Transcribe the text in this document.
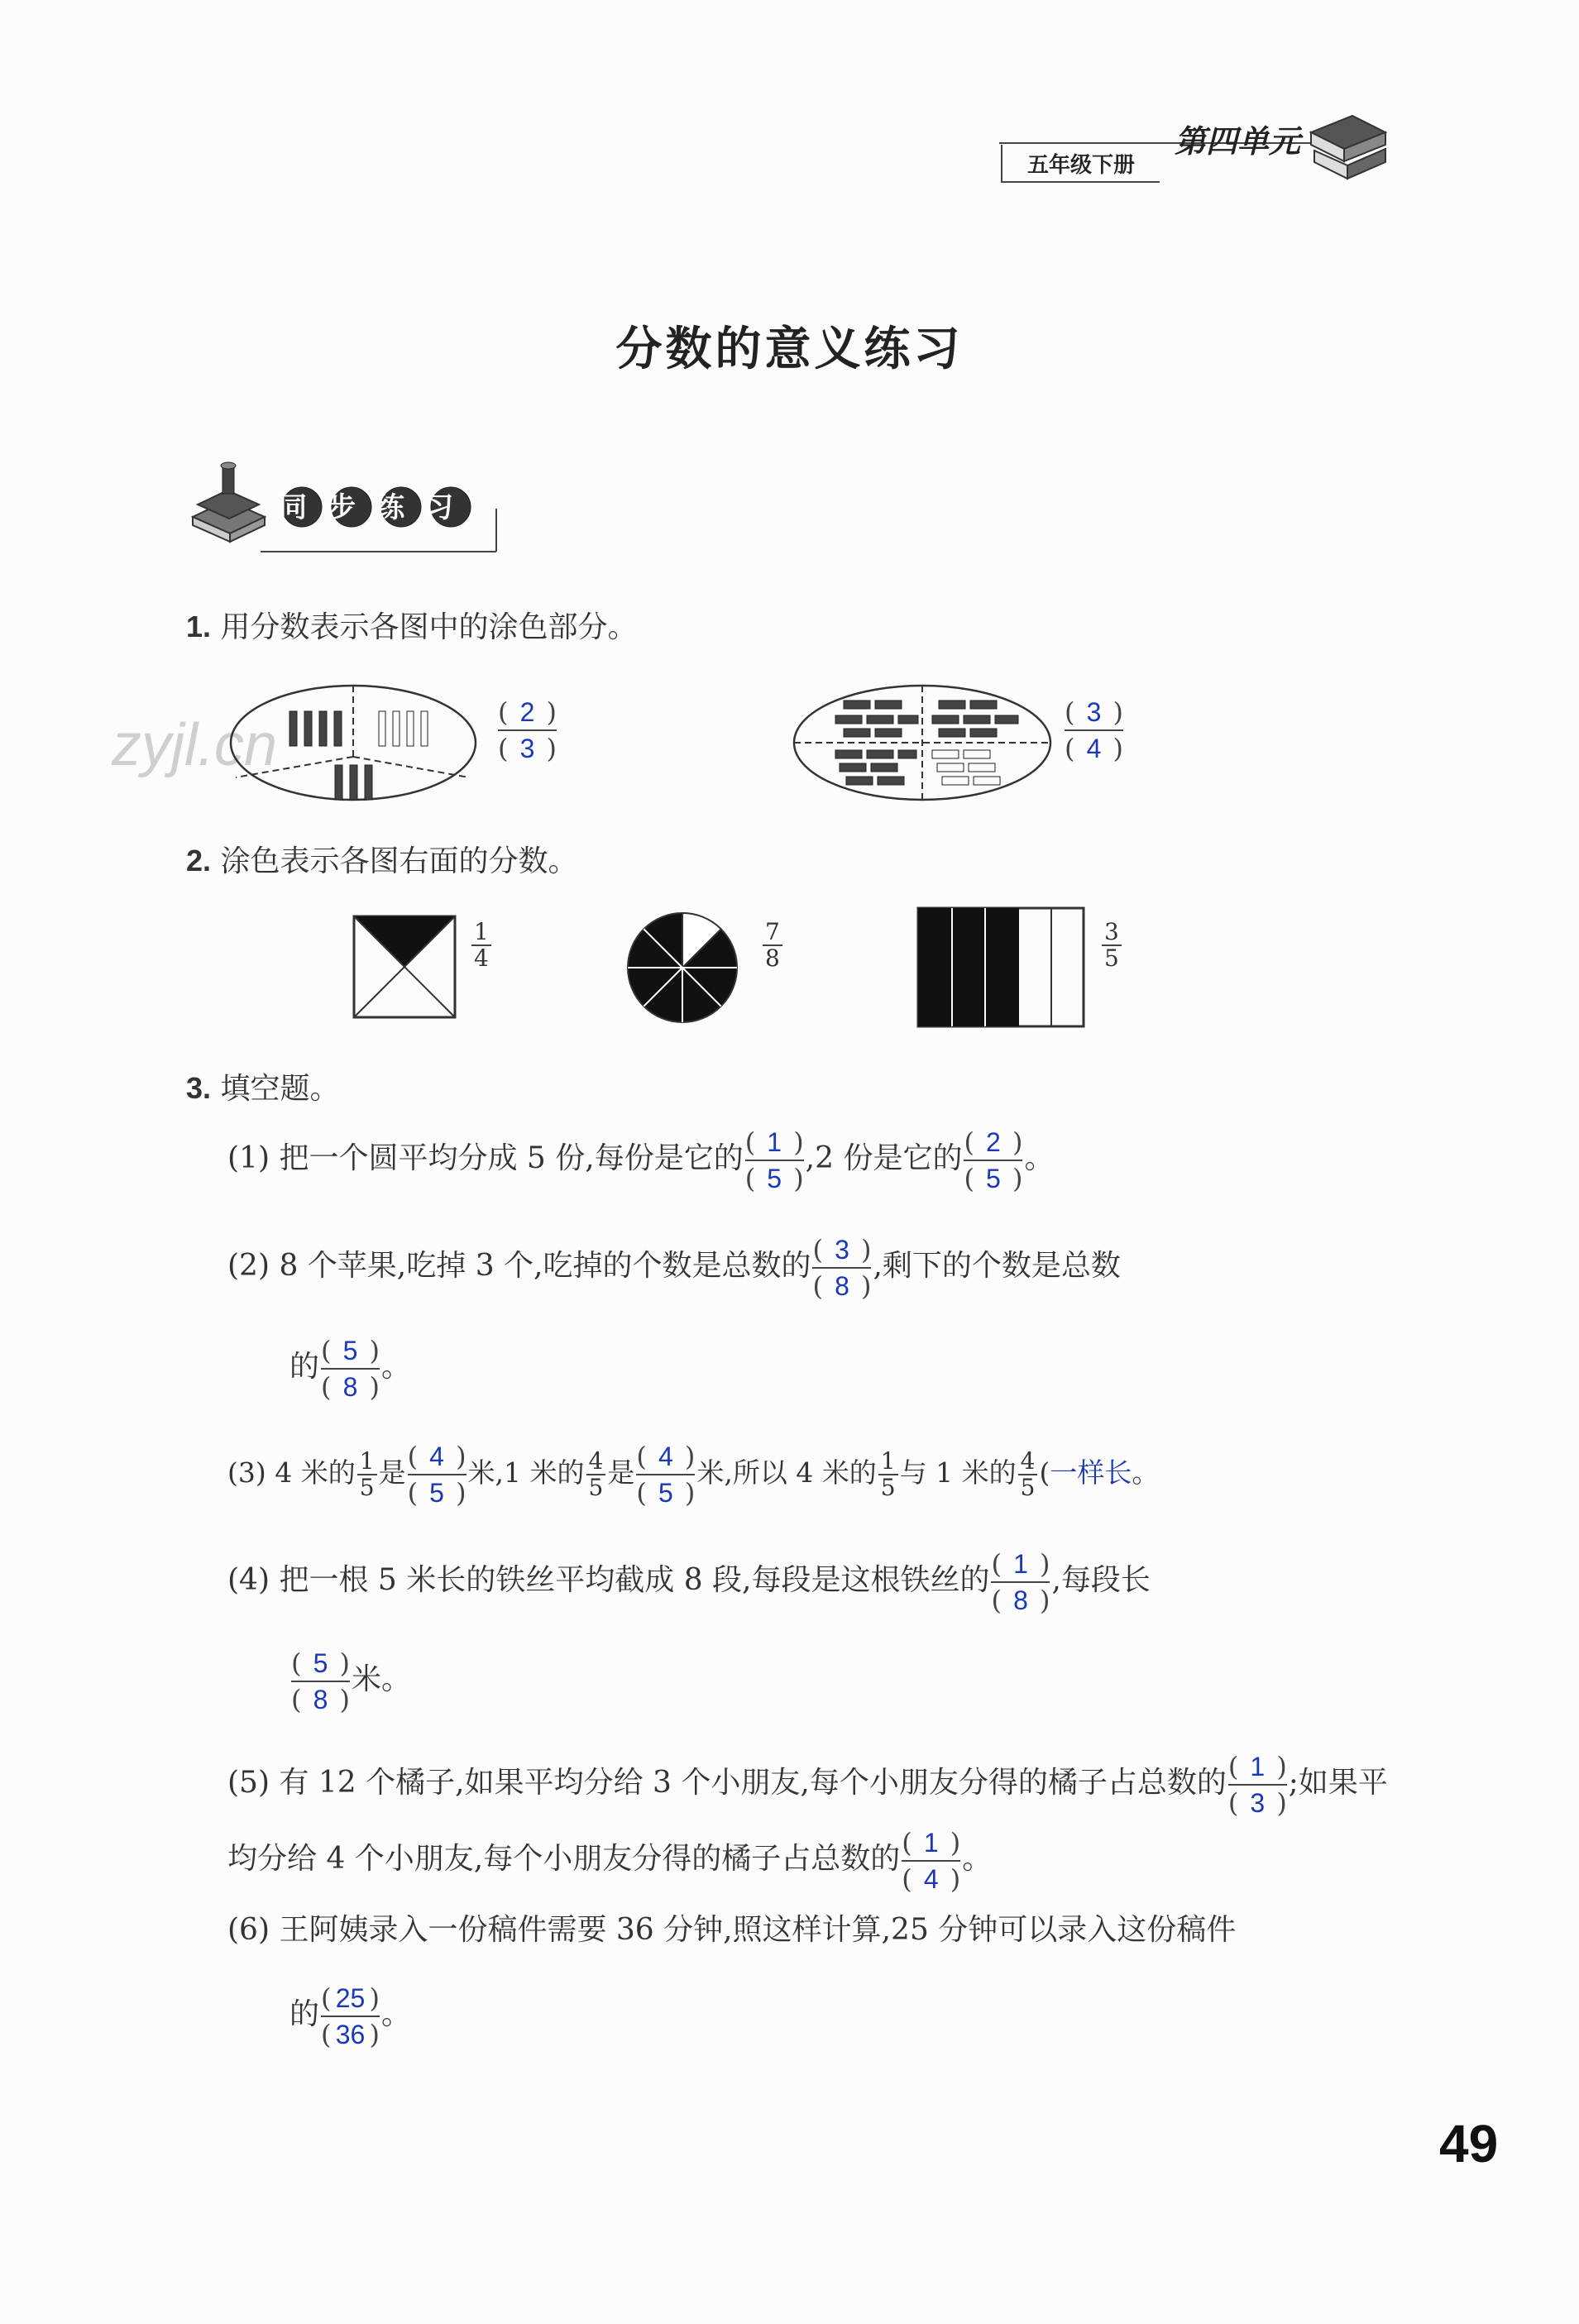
五年级下册
第四单元
分数的意义练习
同步练习
zyjl.cn
1. 用分数表示各图中的涂色部分。
$\frac{( 2 )}{( 3 )}$	$\frac{( 3 )}{( 4 )}$
2. 涂色表示各图右面的分数。
$\frac{1}{4}$	$\frac{7}{8}$	$\frac{3}{5}$
3. 填空题。
(1) 把一个圆平均分成 5 份,每份是它的 $\frac{( 1 )}{( 5 )} ,2$ 份是它的 $\frac{( 2 )}{( 5 )}$ 。
(2) 8 个苹果,吃掉 3 个,吃掉的个数是总数的 $\frac{( 3 )}{( 8 )}$ ,剩下的个数是总数
的 $\frac{( 5 )}{( 8 )}$ 。
(3) 4 米的 $\frac{1}{5}$ 是 $\frac{( 4 )}{( 5 )}$ 米,1 米的 $\frac{4}{5}$ 是 $\frac{( 4 )}{( 5 )}$ 米,所以 4 米的 $\frac{1}{5}$ 与 1 米的 $\frac{4}{5}$ (一样长。
(4) 把一根 5 米长的铁丝平均截成 8 段,每段是这根铁丝的 $\frac{( 1 )}{( 8 )}$ ,每段长
$\frac{( 5 )}{( 8 )}$ 米。
(5) 有 12 个橘子,如果平均分给 3 个小朋友,每个小朋友分得的橘子占总数的 $\frac{( 1 )}{( 3 )}$ ;如果平均分给 4 个小朋友,每个小朋友分得的橘子占总数的 $\frac{( 1 )}{( 4 )}$ 。
(6) 王阿姨录入一份稿件需要 36 分钟,照这样计算,25 分钟可以录入这份稿件
的 $\frac{( 25 )}{( 36 )}$ 。
49
